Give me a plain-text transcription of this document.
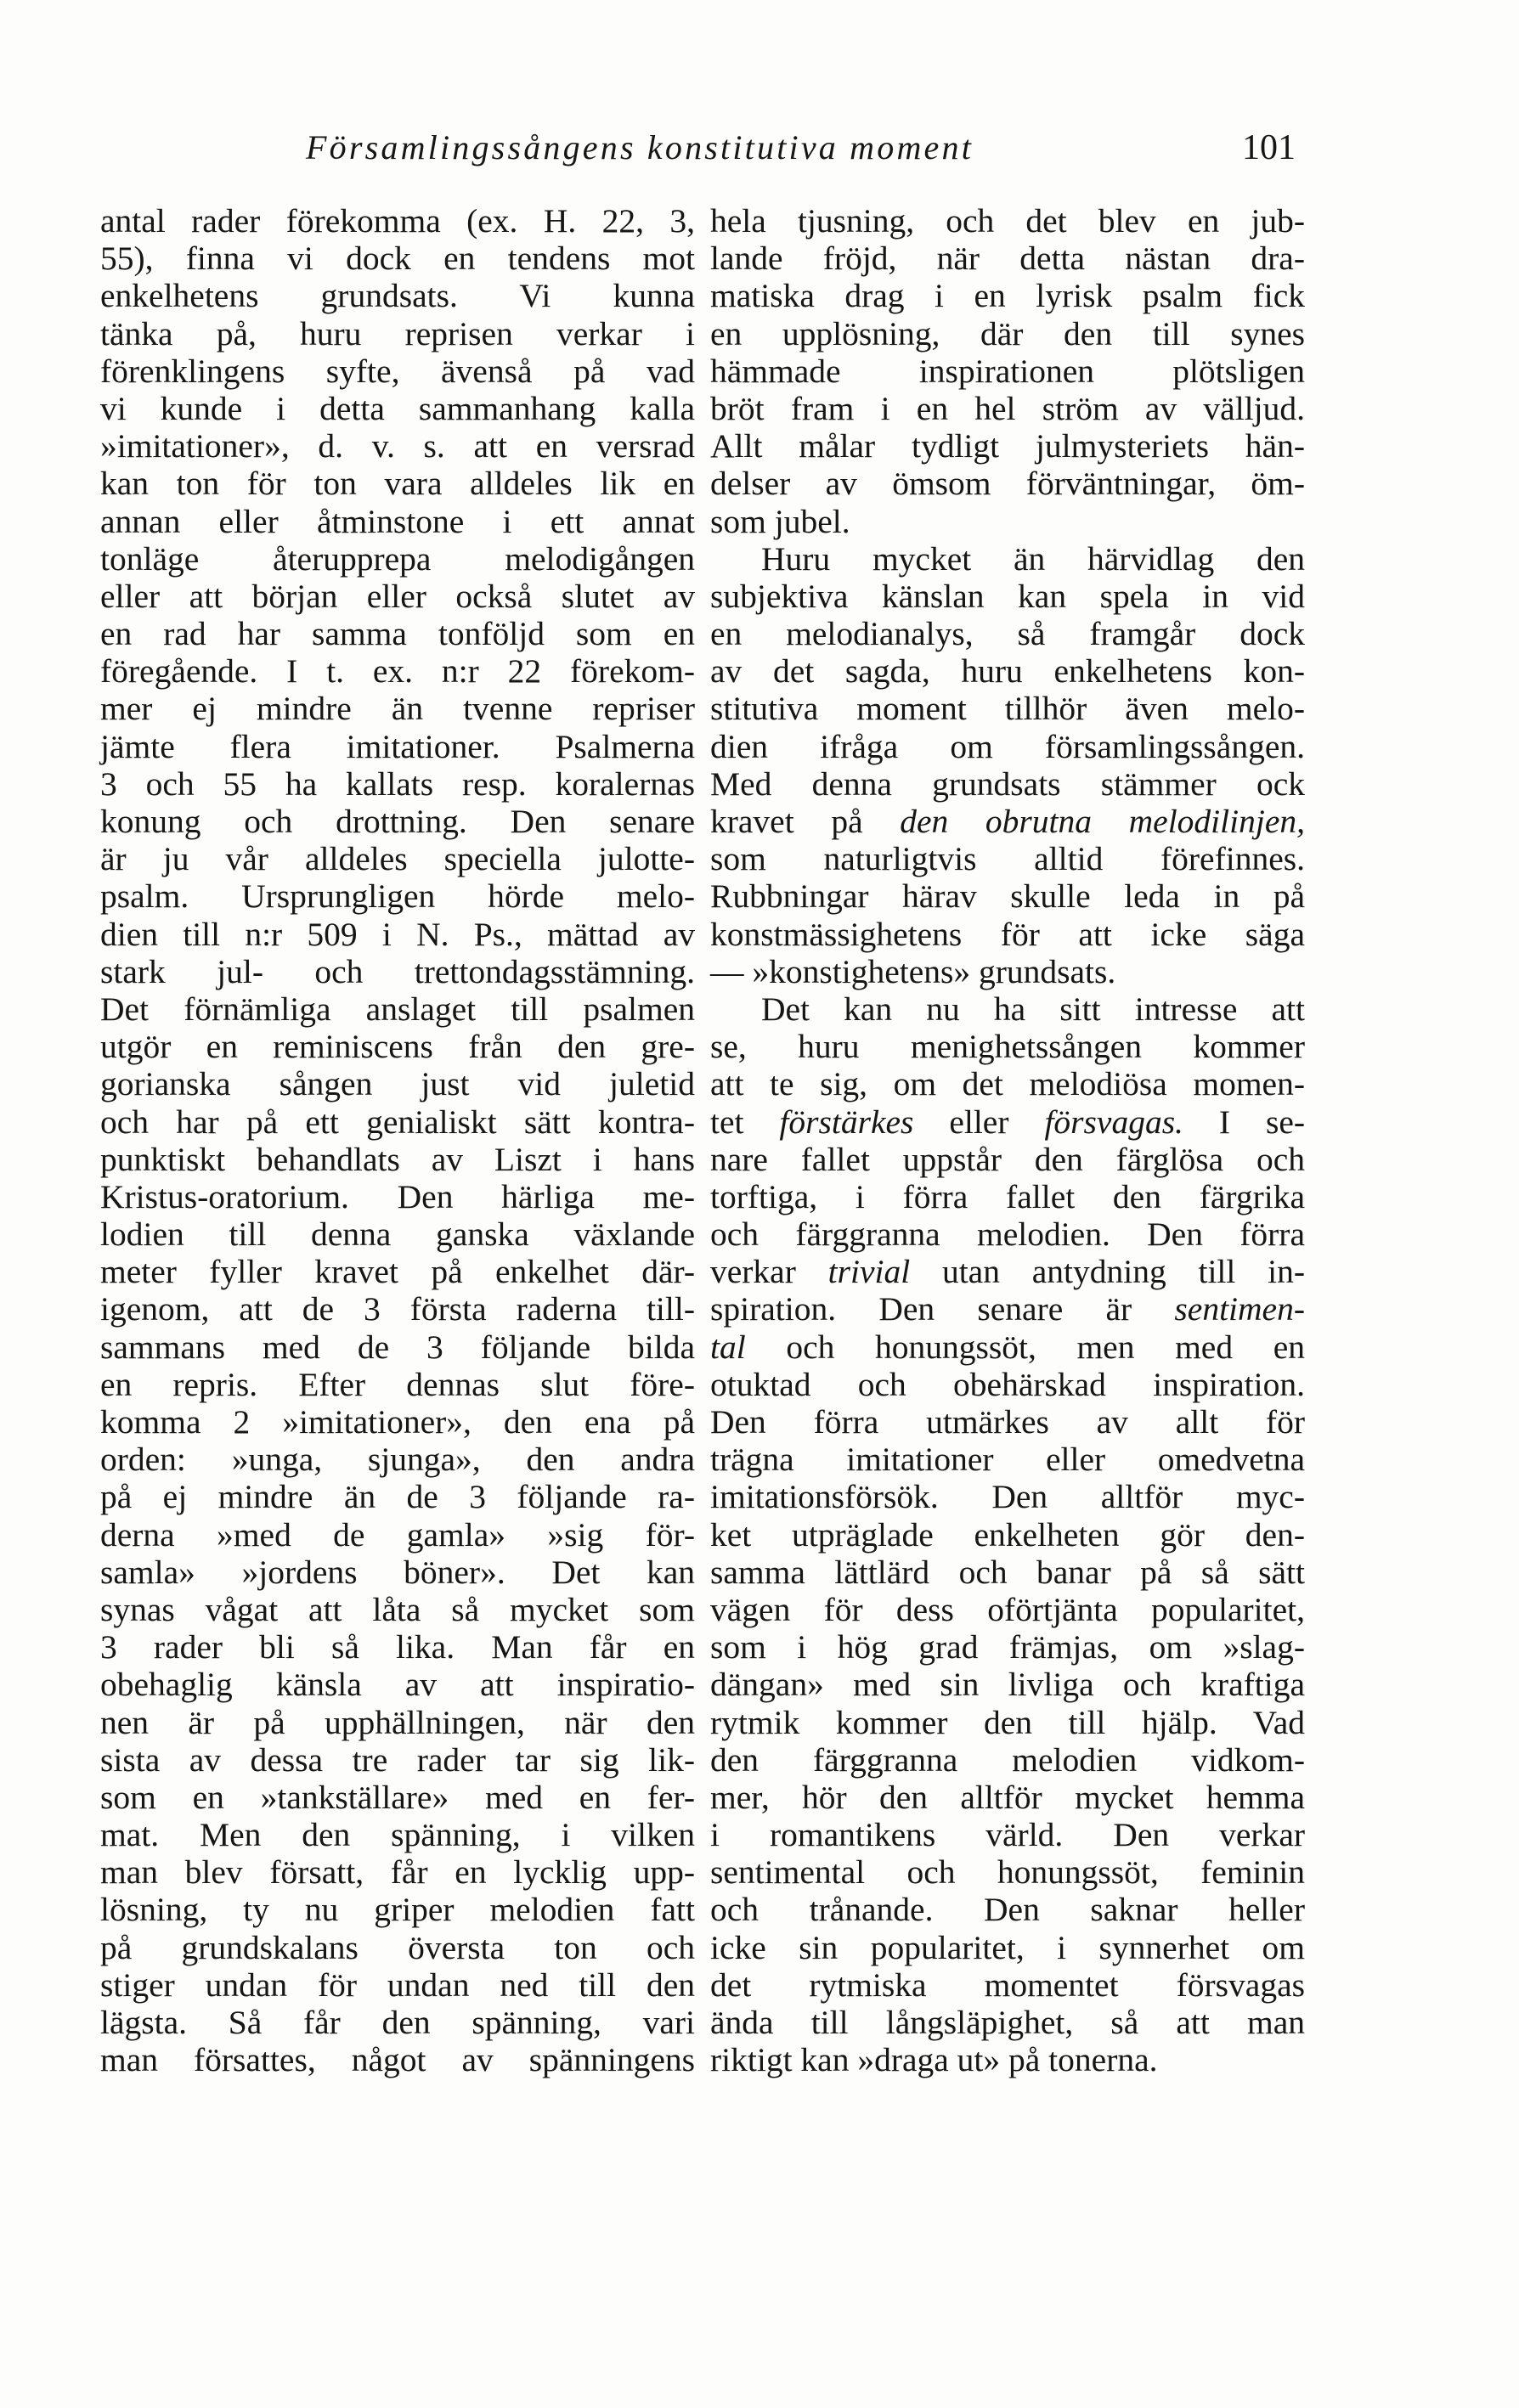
Församlingssångens konstitutiva moment	101
antal rader förekomma (ex. H. 22, 3,
55), finna vi dock en tendens mot
enkelhetens grundsats. Vi kunna
tänka på, huru reprisen verkar i
förenklingens syfte, ävenså på vad
vi kunde i detta sammanhang kalla
»imitationer», d. v. s. att en versrad
kan ton för ton vara alldeles lik en
annan eller åtminstone i ett annat
tonläge återupprepa melodigången
eller att början eller också slutet av
en rad har samma tonföljd som en
föregående. I t. ex. n:r 22 förekom-
mer ej mindre än tvenne repriser
jämte flera imitationer. Psalmerna
3 och 55 ha kallats resp. koralernas
konung och drottning. Den senare
är ju vår alldeles speciella julotte-
psalm. Ursprungligen hörde melo-
dien till n:r 509 i N. Ps., mättad av
stark jul- och trettondagsstämning.
Det förnämliga anslaget till psalmen
utgör en reminiscens från den gre-
gorianska sången just vid juletid
och har på ett genialiskt sätt kontra-
punktiskt behandlats av Liszt i hans
Kristus-oratorium. Den härliga me-
lodien till denna ganska växlande
meter fyller kravet på enkelhet där-
igenom, att de 3 första raderna till-
sammans med de 3 följande bilda
en repris. Efter dennas slut före-
komma 2 »imitationer», den ena på
orden: »unga, sjunga», den andra
på ej mindre än de 3 följande ra-
derna »med de gamla» »sig för-
samla» »jordens böner». Det kan
synas vågat att låta så mycket som
3 rader bli så lika. Man får en
obehaglig känsla av att inspiratio-
nen är på upphällningen, när den
sista av dessa tre rader tar sig lik-
som en »tankställare» med en fer-
mat. Men den spänning, i vilken
man blev försatt, får en lycklig upp-
lösning, ty nu griper melodien fatt
på grundskalans översta ton och
stiger undan för undan ned till den
lägsta. Så får den spänning, vari
man försattes, något av spänningens
hela tjusning, och det blev en jub-
lande fröjd, när detta nästan dra-
matiska drag i en lyrisk psalm fick
en upplösning, där den till synes
hämmade inspirationen plötsligen
bröt fram i en hel ström av välljud.
Allt målar tydligt julmysteriets hän-
delser av ömsom förväntningar, öm-
som jubel.
Huru mycket än härvidlag den
subjektiva känslan kan spela in vid
en melodianalys, så framgår dock
av det sagda, huru enkelhetens kon-
stitutiva moment tillhör även melo-
dien ifråga om församlingssången.
Med denna grundsats stämmer ock
kravet på den obrutna melodilinjen,
som naturligtvis alltid förefinnes.
Rubbningar härav skulle leda in på
konstmässighetens för att icke säga
— »konstighetens» grundsats.
Det kan nu ha sitt intresse att
se, huru menighetssången kommer
att te sig, om det melodiösa momen-
tet förstärkes eller försvagas. I se-
nare fallet uppstår den färglösa och
torftiga, i förra fallet den färgrika
och färggranna melodien. Den förra
verkar trivial utan antydning till in-
spiration. Den senare är sentimen-
tal och honungssöt, men med en
otuktad och obehärskad inspiration.
Den förra utmärkes av allt för
trägna imitationer eller omedvetna
imitationsförsök. Den alltför myc-
ket utpräglade enkelheten gör den-
samma lättlärd och banar på så sätt
vägen för dess oförtjänta popularitet,
som i hög grad främjas, om »slag-
dängan» med sin livliga och kraftiga
rytmik kommer den till hjälp. Vad
den färggranna melodien vidkom-
mer, hör den alltför mycket hemma
i romantikens värld. Den verkar
sentimental och honungssöt, feminin
och trånande. Den saknar heller
icke sin popularitet, i synnerhet om
det rytmiska momentet försvagas
ända till långsläpighet, så att man
riktigt kan »draga ut» på tonerna.
